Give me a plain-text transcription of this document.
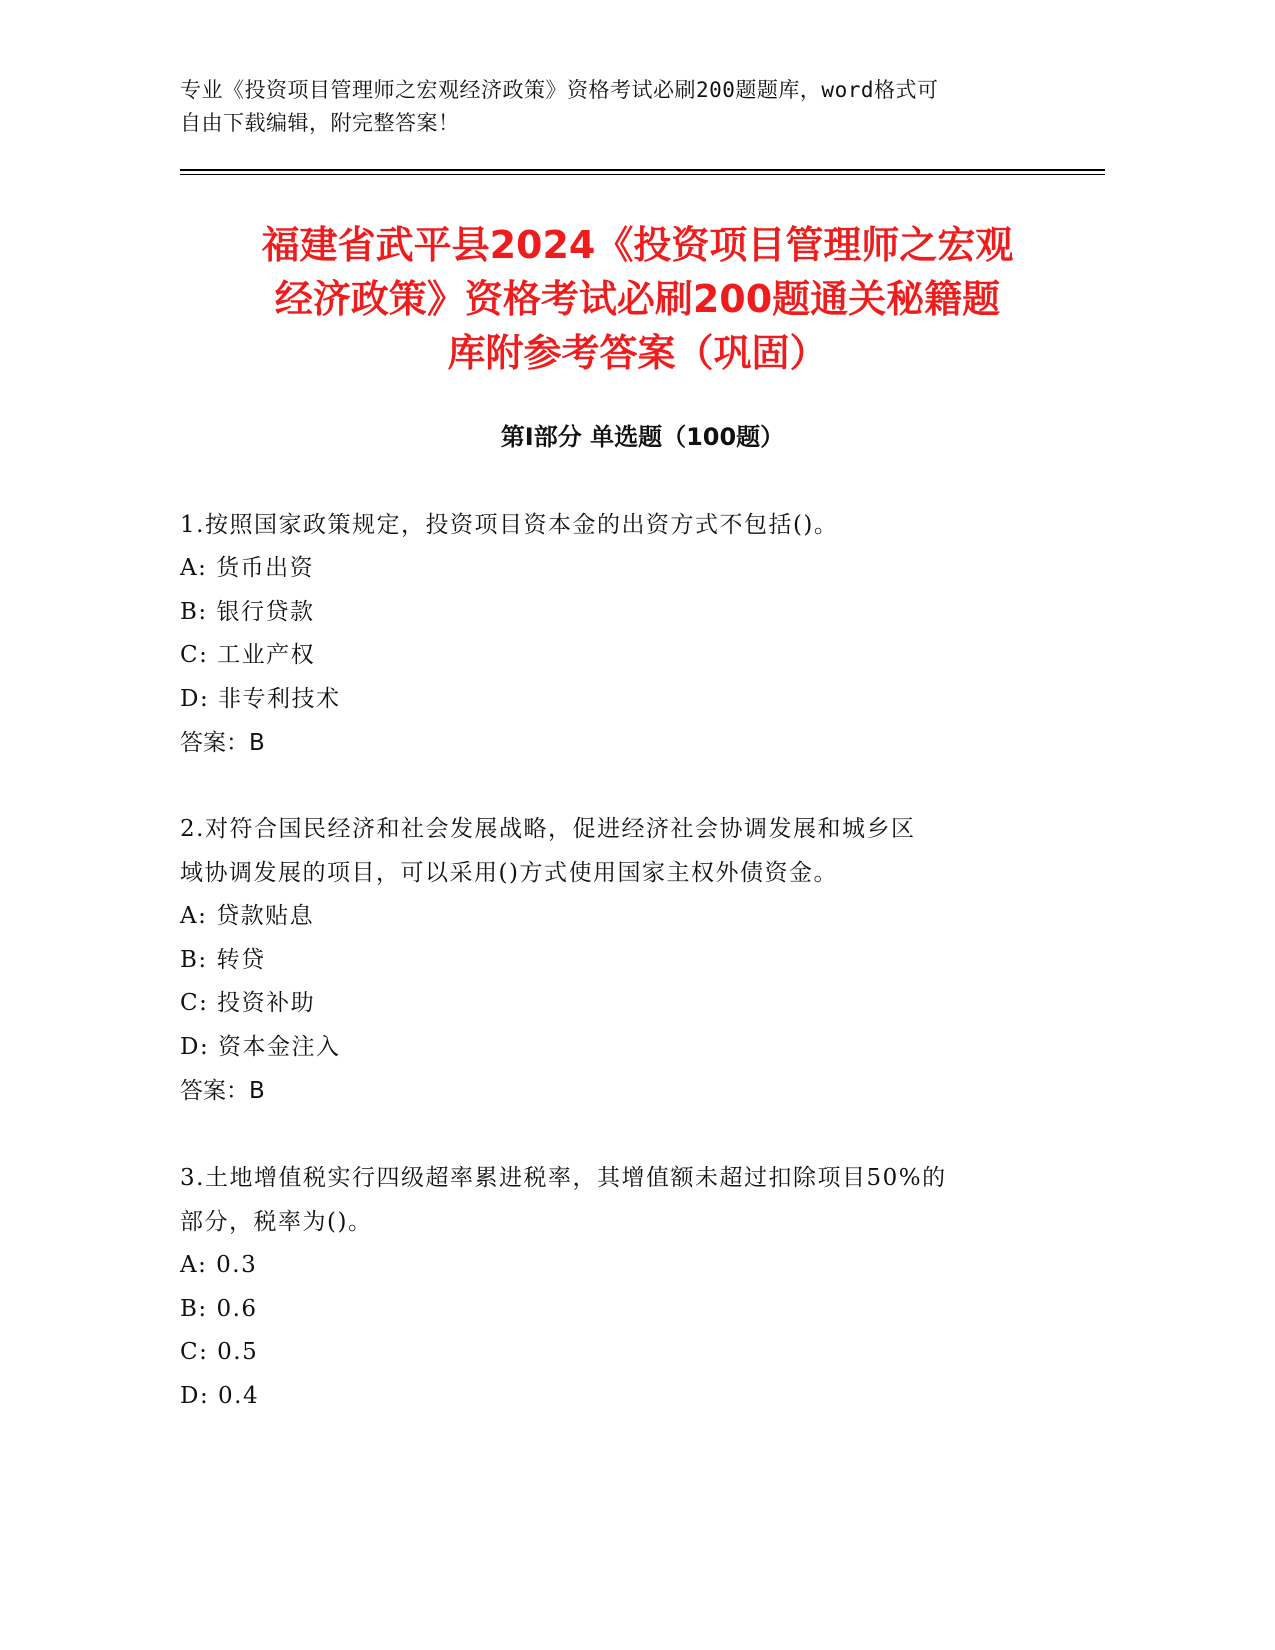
专业《投资项目管理师之宏观经济政策》资格考试必刷200题题库，word格式可
自由下载编辑，附完整答案！
福建省武平县2024《投资项目管理师之宏观
经济政策》资格考试必刷200题通关秘籍题
库附参考答案（巩固）
第I部分 单选题（100题）

1.按照国家政策规定，投资项目资本金的出资方式不包括()。

A: 货币出资

B: 银行贷款

C: 工业产权

D: 非专利技术

答案：B

2.对符合国民经济和社会发展战略，促进经济社会协调发展和城乡区

域协调发展的项目，可以采用()方式使用国家主权外债资金。

A: 贷款贴息

B: 转贷

C: 投资补助

D: 资本金注入

答案：B

3.土地增值税实行四级超率累进税率，其增值额未超过扣除项目50%的

部分，税率为()。

A: 0.3

B: 0.6

C: 0.5

D: 0.4
